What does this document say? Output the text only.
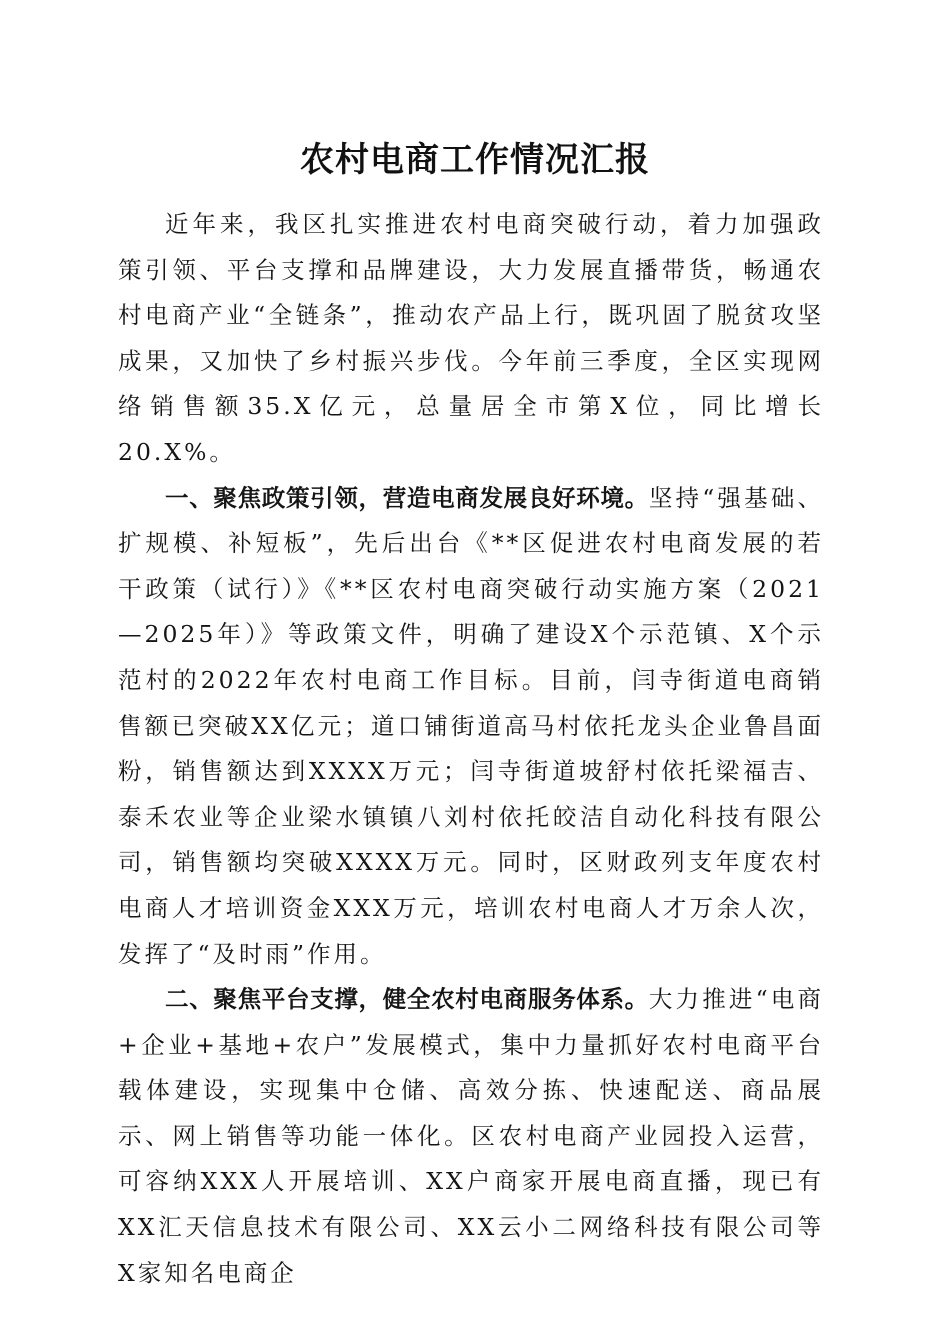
农村电商工作情况汇报

近年来，我区扎实推进农村电商突破行动，着力加强政策引领、平台支撑和品牌建设，大力发展直播带货，畅通农村电商产业“全链条”，推动农产品上行，既巩固了脱贫攻坚成果，又加快了乡村振兴步伐。今年前三季度，全区实现网络销售额35.X亿元，总量居全市第X位，同比增长20.X%。

一、聚焦政策引领，营造电商发展良好环境。坚持“强基础、扩规模、补短板”，先后出台《**区促进农村电商发展的若干政策（试行）》《**区农村电商突破行动实施方案（2021—2025年）》等政策文件，明确了建设X个示范镇、X个示范村的2022年农村电商工作目标。目前，闫寺街道电商销售额已突破XX亿元；道口铺街道高马村依托龙头企业鲁昌面粉，销售额达到XXXX万元；闫寺街道坡舒村依托梁福吉、泰禾农业等企业梁水镇镇八刘村依托皎洁自动化科技有限公司，销售额均突破XXXX万元。同时，区财政列支年度农村电商人才培训资金XXX万元，培训农村电商人才万余人次，发挥了“及时雨”作用。

二、聚焦平台支撑，健全农村电商服务体系。大力推进“电商+企业+基地+农户”发展模式，集中力量抓好农村电商平台载体建设，实现集中仓储、高效分拣、快速配送、商品展示、网上销售等功能一体化。区农村电商产业园投入运营，可容纳XXX人开展培训、XX户商家开展电商直播，现已有XX汇天信息技术有限公司、XX云小二网络科技有限公司等X家知名电商企
